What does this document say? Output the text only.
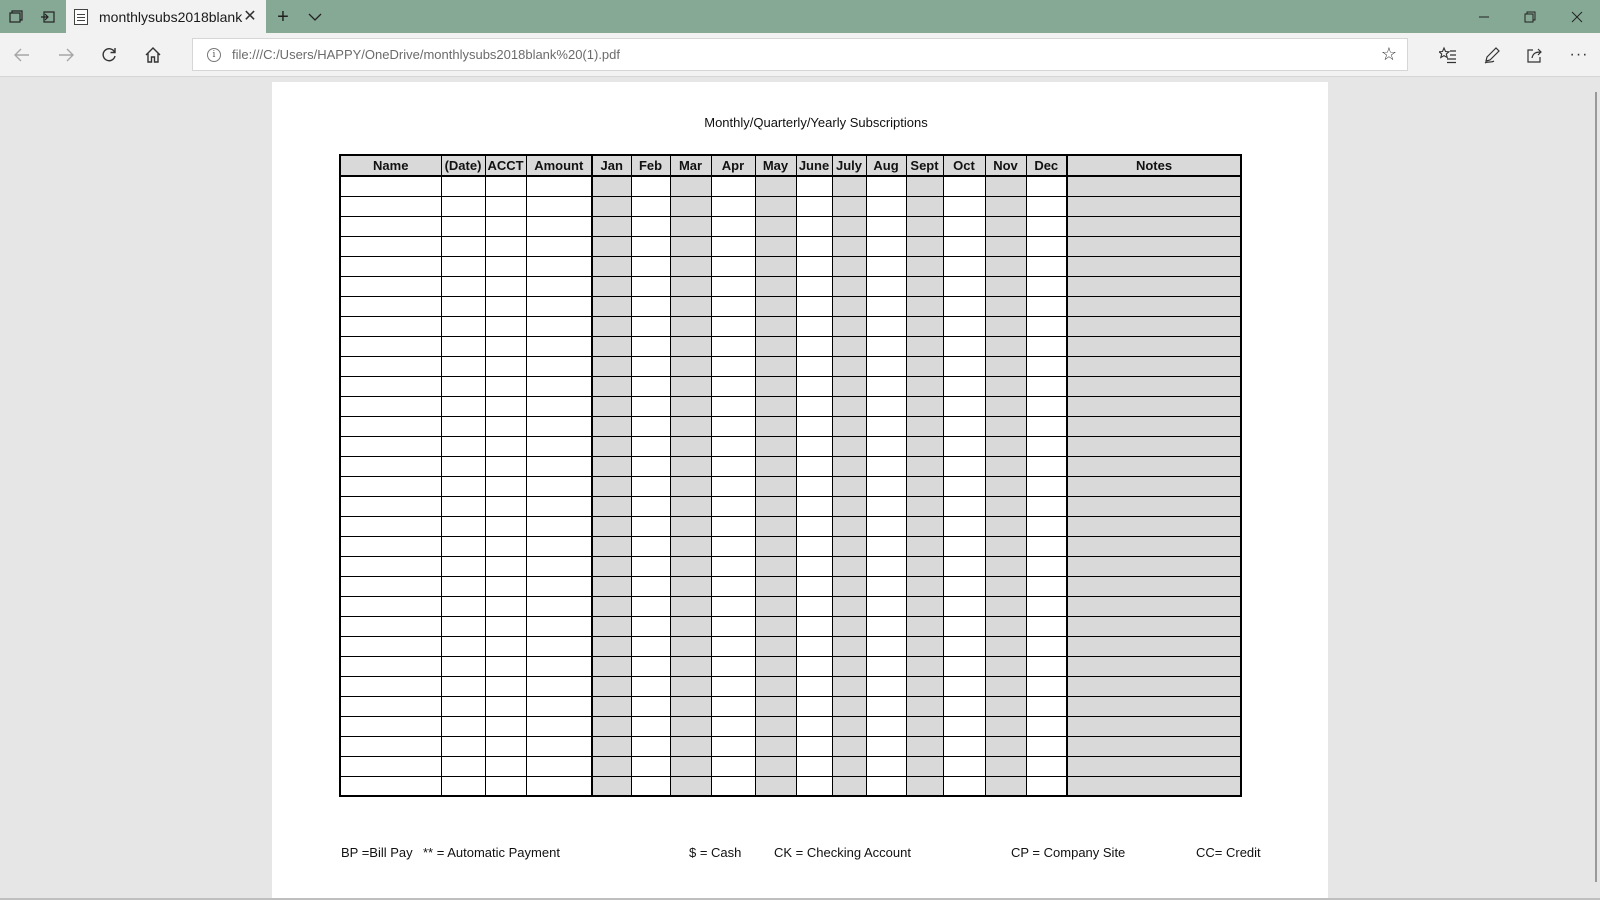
monthlysubs2018blank ✕ +
i
file:///C:/Users/HAPPY/OneDrive/monthlysubs2018blank%20(1).pdf	☆	···
Monthly/Quarterly/Yearly Subscriptions
Name	(Date)	ACCT	Amount	Jan	Feb	Mar	Apr	May	June	July	Aug	Sept	Oct	Nov	Dec	Notes

BP =Bill Pay ** = Automatic Payment	$ = Cash	CK = Checking Account	CP = Company Site	CC= Credit
